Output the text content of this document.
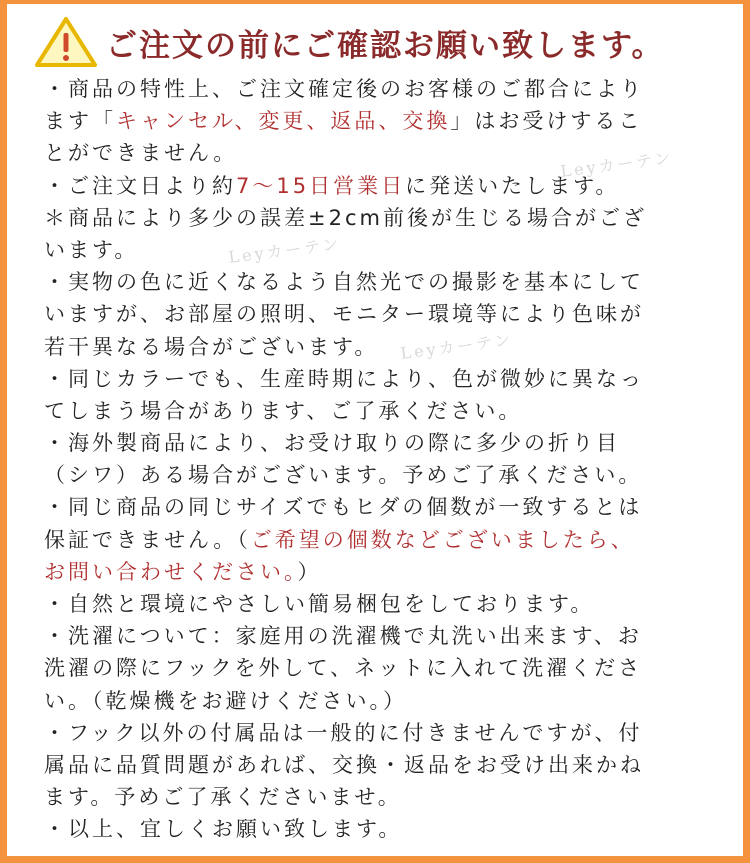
ご注文の前にご確認お願い致します。
Leyカーテン
Leyカーテン
Leyカーテン
・商品の特性上、ご注文確定後のお客様のご都合により
ます「キャンセル、変更、返品、交換」はお受けするこ
とができません。
・ご注文日より約7～15日営業日に発送いたします。
＊商品により多少の誤差±2cm前後が生じる場合がござ
います。
・実物の色に近くなるよう自然光での撮影を基本にして
いますが、お部屋の照明、モニター環境等により色味が
若干異なる場合がございます。
・同じカラーでも、生産時期により、色が微妙に異なっ
てしまう場合があります、ご了承ください。
・海外製商品により、お受け取りの際に多少の折り目
（シワ）ある場合がございます。予めご了承ください。
・同じ商品の同じサイズでもヒダの個数が一致するとは
保証できません。（ご希望の個数などございましたら、
お問い合わせください。）
・自然と環境にやさしい簡易梱包をしております。
・洗濯について：家庭用の洗濯機で丸洗い出来ます、お
洗濯の際にフックを外して、ネットに入れて洗濯くださ
い。（乾燥機をお避けください。）
・フック以外の付属品は一般的に付きませんですが、付
属品に品質問題があれば、交換・返品をお受け出来かね
ます。予めご了承くださいませ。
・以上、宜しくお願い致します。
